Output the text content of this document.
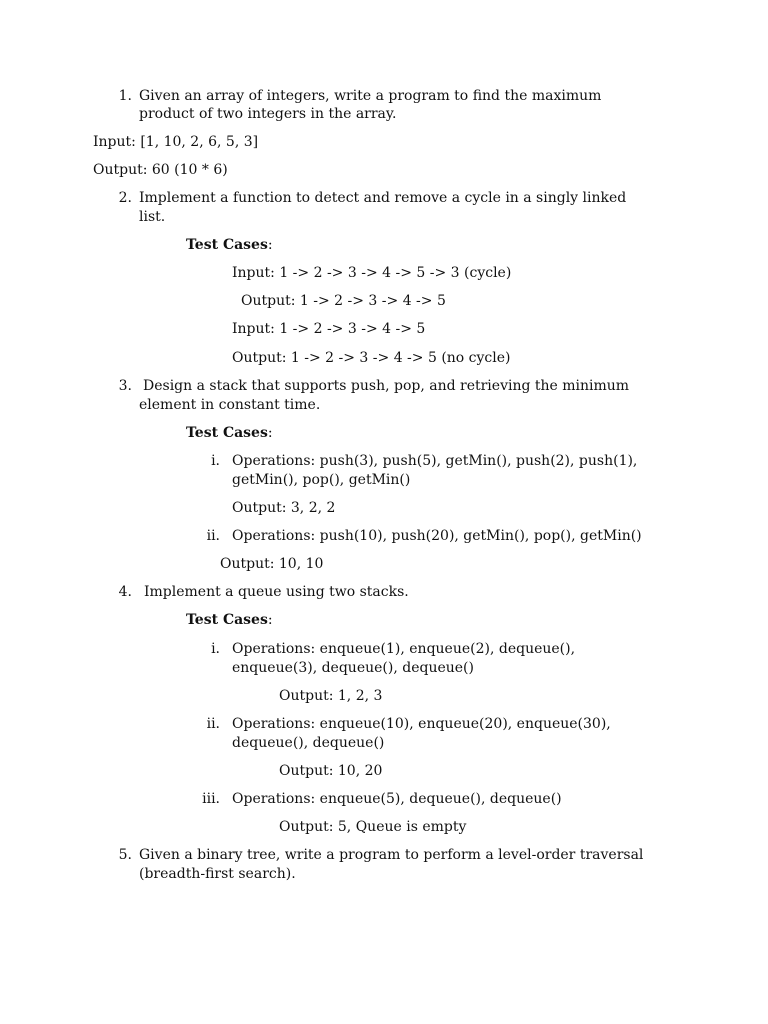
1. Given an array of integers, write a program to find the maximum
product of two integers in the array.
Input: [1, 10, 2, 6, 5, 3]
Output: 60 (10 * 6)
2. Implement a function to detect and remove a cycle in a singly linked
list.
Test Cases:
Input: 1 -> 2 -> 3 -> 4 -> 5 -> 3 (cycle)
Output: 1 -> 2 -> 3 -> 4 -> 5
Input: 1 -> 2 -> 3 -> 4 -> 5
Output: 1 -> 2 -> 3 -> 4 -> 5 (no cycle)
3. Design a stack that supports push, pop, and retrieving the minimum
element in constant time.
Test Cases:
i. Operations: push(3), push(5), getMin(), push(2), push(1),
getMin(), pop(), getMin()
Output: 3, 2, 2
ii. Operations: push(10), push(20), getMin(), pop(), getMin()
Output: 10, 10
4. Implement a queue using two stacks.
Test Cases:
i. Operations: enqueue(1), enqueue(2), dequeue(),
enqueue(3), dequeue(), dequeue()
Output: 1, 2, 3
ii. Operations: enqueue(10), enqueue(20), enqueue(30),
dequeue(), dequeue()
Output: 10, 20
iii. Operations: enqueue(5), dequeue(), dequeue()
Output: 5, Queue is empty
5. Given a binary tree, write a program to perform a level-order traversal
(breadth-first search).
